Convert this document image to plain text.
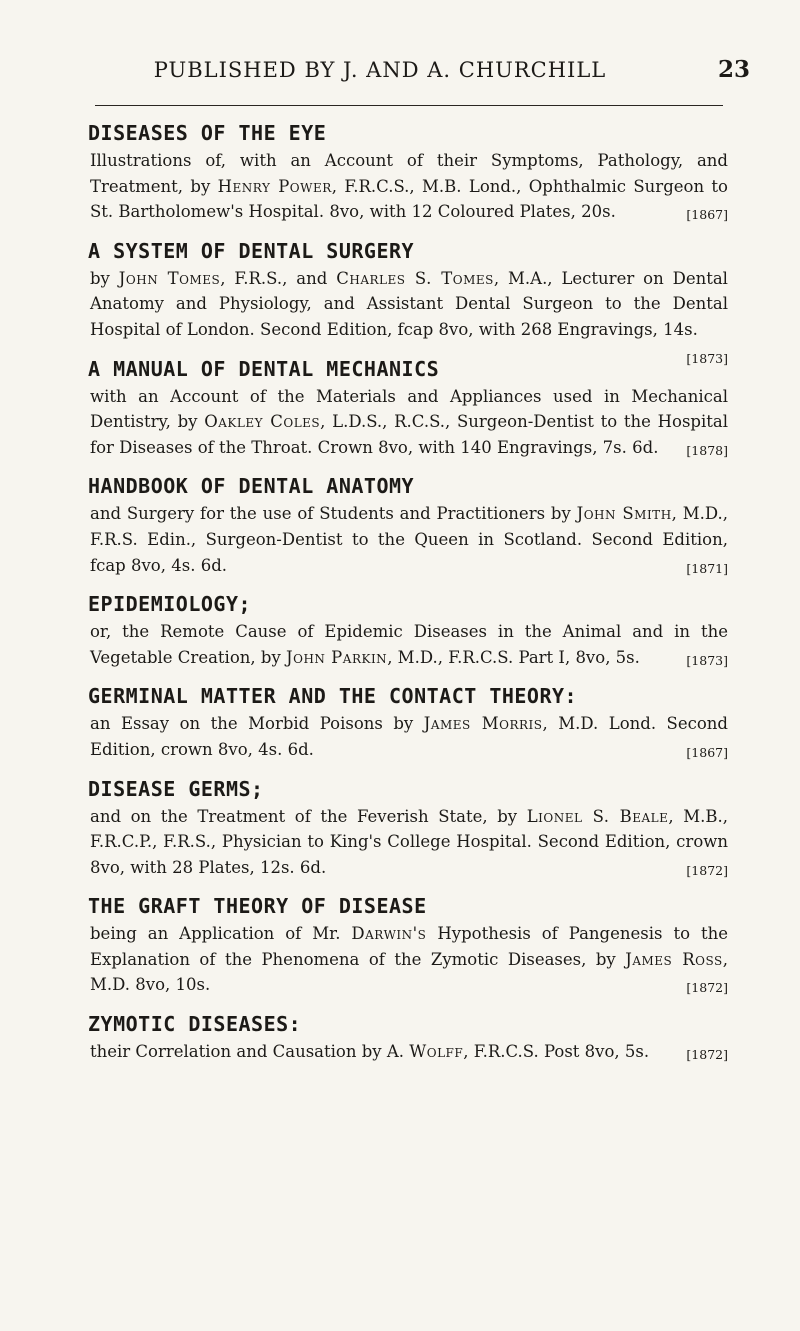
PUBLISHED BY J. AND A. CHURCHILL	23
DISEASES OF THE EYE
Illustrations of, with an Account of their Symptoms, Pathology, and Treatment, by Henry Power, F.R.C.S., M.B. Lond., Ophthalmic Surgeon to St. Bartholomew's Hospital. 8vo, with 12 Coloured Plates, 20s.	[1867]
A SYSTEM OF DENTAL SURGERY
by John Tomes, F.R.S., and Charles S. Tomes, M.A., Lecturer on Dental Anatomy and Physiology, and Assistant Dental Surgeon to the Dental Hospital of London. Second Edition, fcap 8vo, with 268 Engravings, 14s.
[1873]
A MANUAL OF DENTAL MECHANICS
with an Account of the Materials and Appliances used in Mechanical Dentistry, by Oakley Coles, L.D.S., R.C.S., Surgeon-Dentist to the Hospital for Diseases of the Throat. Crown 8vo, with 140 Engravings, 7s. 6d. [1878]
HANDBOOK OF DENTAL ANATOMY
and Surgery for the use of Students and Practitioners by John Smith, M.D., F.R.S. Edin., Surgeon-Dentist to the Queen in Scotland. Second Edition, fcap 8vo, 4s. 6d.	[1871]
EPIDEMIOLOGY;
or, the Remote Cause of Epidemic Diseases in the Animal and in the Vegetable Creation, by John Parkin, M.D., F.R.C.S. Part I, 8vo, 5s.	[1873]
GERMINAL MATTER AND THE CONTACT THEORY:
an Essay on the Morbid Poisons by James Morris, M.D. Lond. Second Edition, crown 8vo, 4s. 6d.	[1867]
DISEASE GERMS;
and on the Treatment of the Feverish State, by Lionel S. Beale, M.B., F.R.C.P., F.R.S., Physician to King's College Hospital. Second Edition, crown 8vo, with 28 Plates, 12s. 6d.	[1872]
THE GRAFT THEORY OF DISEASE
being an Application of Mr. Darwin's Hypothesis of Pangenesis to the Explanation of the Phenomena of the Zymotic Diseases, by James Ross, M.D. 8vo, 10s.	[1872]
ZYMOTIC DISEASES:
their Correlation and Causation by A. Wolff, F.R.C.S. Post 8vo, 5s.	[1872]
